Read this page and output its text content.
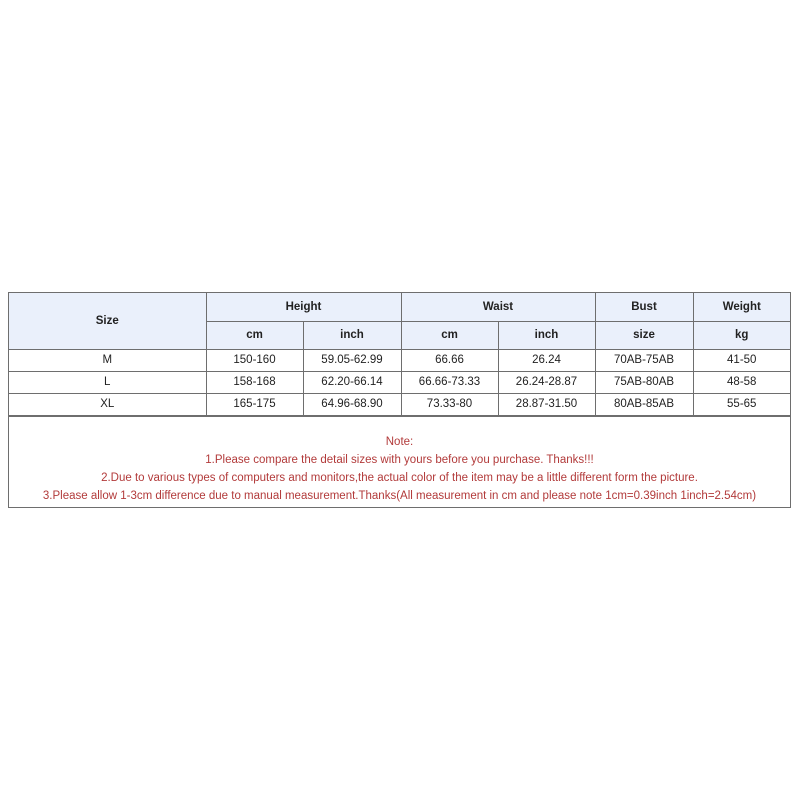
Size	Height		Waist		Bust	Weight
	cm	inch	cm	inch	size	kg
M	150-160	59.05-62.99	66.66	26.24	70AB-75AB	41-50
L	158-168	62.20-66.14	66.66-73.33	26.24-28.87	75AB-80AB	48-58
XL	165-175	64.96-68.90	73.33-80	28.87-31.50	80AB-85AB	55-65
Note:
1.Please compare the detail sizes with yours before you purchase. Thanks!!!
2.Due to various types of computers and monitors,the actual color of the item may be a little different form the picture.
3.Please allow 1-3cm difference due to manual measurement.Thanks(All measurement in cm and please note 1cm=0.39inch 1inch=2.54cm)
